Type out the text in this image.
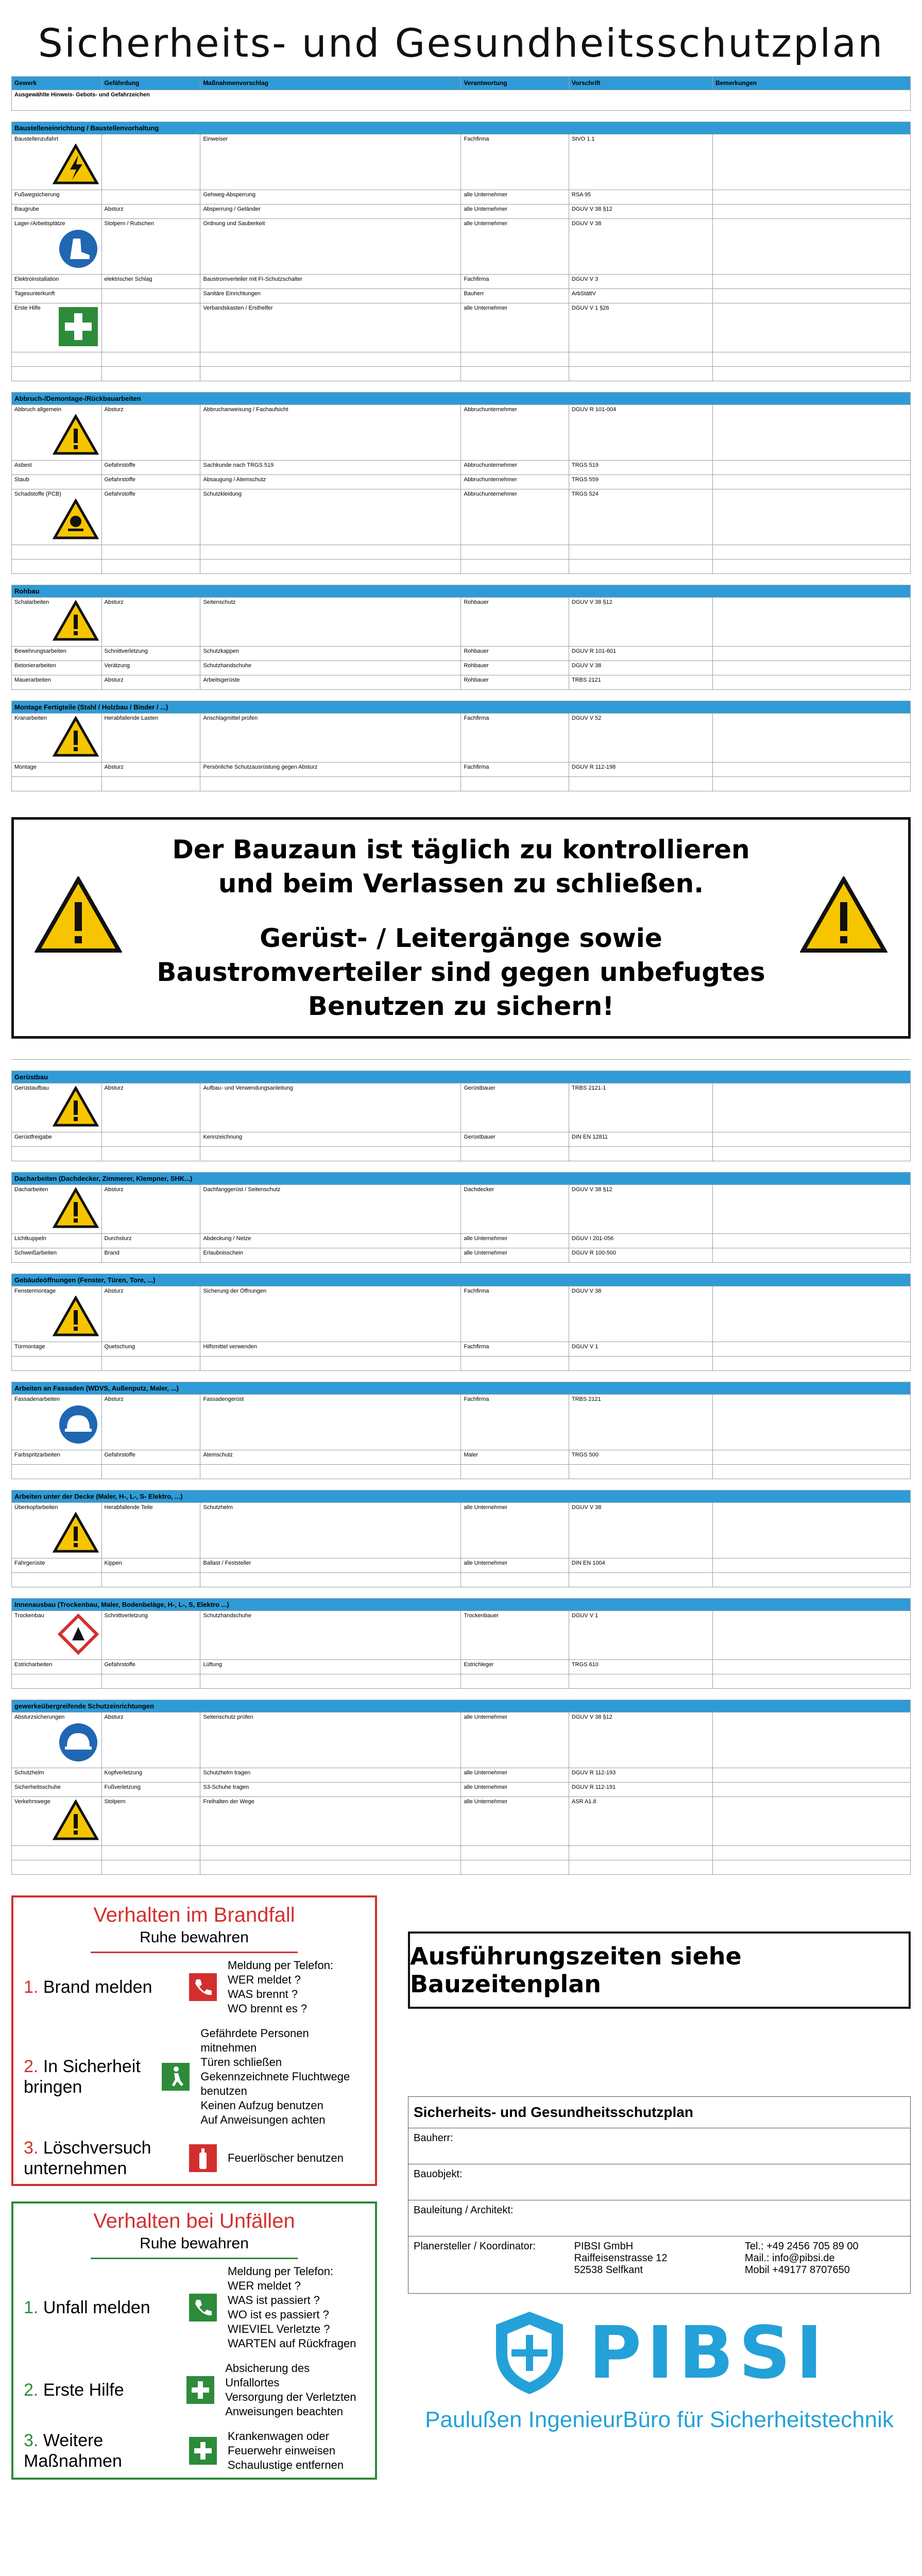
Sicherheits- und Gesundheitsschutzplan
Gewerk	Gefährdung	Maßnahmenvorschlag	Verantwortung	Vorschrift	Bemerkungen
Ausgewählte Hinweis- Gebots- und Gefahrzeichen					

Baustelleneinrichtung / Baustellenvorhaltung					
Baustellenzufahrt		Einweiser	Fachfirma	StVO 1.1	
Fußwegsicherung		Gehweg-Absperrung	alle Unternehmer	RSA 95	
Baugrube	Absturz	Absperrung / Geländer	alle Unternehmer	DGUV V 38 §12	
Lager-/Arbeitsplätze	Stolpern / Rutschen	Ordnung und Sauberkeit	alle Unternehmer	DGUV V 38	
Elektroinstallation	elektrischer Schlag	Baustromverteiler mit FI-Schutzschalter	Fachfirma	DGUV V 3	
Tagesunterkunft		Sanitäre Einrichtungen	Bauherr	ArbStättV	
Erste Hilfe		Verbandskasten / Ersthelfer	alle Unternehmer	DGUV V 1 §26	

Abbruch-/Demontage-/Rückbauarbeiten					
Abbruch allgemein	Absturz	Abbruchanweisung / Fachaufsicht	Abbruchunternehmer	DGUV R 101-004	
Asbest	Gefahrstoffe	Sachkunde nach TRGS 519	Abbruchunternehmer	TRGS 519	
Staub	Gefahrstoffe	Absaugung / Atemschutz	Abbruchunternehmer	TRGS 559	
Schadstoffe (PCB)	Gefahrstoffe	Schutzkleidung	Abbruchunternehmer	TRGS 524	

Rohbau					
Schalarbeiten	Absturz	Seitenschutz	Rohbauer	DGUV V 38 §12	
Bewehrungsarbeiten	Schnittverletzung	Schutzkappen	Rohbauer	DGUV R 101-601	
Betonierarbeiten	Verätzung	Schutzhandschuhe	Rohbauer	DGUV V 38	
Mauerarbeiten	Absturz	Arbeitsgerüste	Rohbauer	TRBS 2121	

Montage Fertigteile (Stahl / Holzbau / Binder / ...)					
Kranarbeiten	Herabfallende Lasten	Anschlagmittel prüfen	Fachfirma	DGUV V 52	
Montage	Absturz	Persönliche Schutzausrüstung gegen Absturz	Fachfirma	DGUV R 112-198	

Der Bauzaun ist täglich zu kontrollieren
und beim Verlassen zu schließen.
Gerüst- / Leitergänge sowie
Baustromverteiler sind gegen unbefugtes
Benutzen zu sichern!

Gerüstbau					
Gerüstaufbau	Absturz	Aufbau- und Verwendungsanleitung	Gerüstbauer	TRBS 2121-1	
Gerüstfreigabe		Kennzeichnung	Gerüstbauer	DIN EN 12811	

Dacharbeiten (Dachdecker, Zimmerer, Klempner, SHK...)					
Dacharbeiten	Absturz	Dachfanggerüst / Seitenschutz	Dachdecker	DGUV V 38 §12	
Lichtkuppeln	Durchsturz	Abdeckung / Netze	alle Unternehmer	DGUV I 201-056	
Schweißarbeiten	Brand	Erlaubnisschein	alle Unternehmer	DGUV R 100-500	

Gebäudeöffnungen (Fenster, Türen, Tore, ...)					
Fenstermontage	Absturz	Sicherung der Öffnungen	Fachfirma	DGUV V 38	
Türmontage	Quetschung	Hilfsmittel verwenden	Fachfirma	DGUV V 1	

Arbeiten an Fassaden (WDVS, Außenputz, Maler, ...)					
Fassadenarbeiten	Absturz	Fassadengerüst	Fachfirma	TRBS 2121	
Farbspritzarbeiten	Gefahrstoffe	Atemschutz	Maler	TRGS 500	

Arbeiten unter der Decke (Maler, H-, L-, S- Elektro, ...)					
Überkopfarbeiten	Herabfallende Teile	Schutzhelm	alle Unternehmer	DGUV V 38	
Fahrgerüste	Kippen	Ballast / Feststeller	alle Unternehmer	DIN EN 1004	

Innenausbau (Trockenbau, Maler, Bodenbeläge, H-, L-, S, Elektro ...)					
Trockenbau	Schnittverletzung	Schutzhandschuhe	Trockenbauer	DGUV V 1	
Estricharbeiten	Gefahrstoffe	Lüftung	Estrichleger	TRGS 610	

gewerkeübergreifende Schutzeinrichtungen					
Absturzsicherungen	Absturz	Seitenschutz prüfen	alle Unternehmer	DGUV V 38 §12	
Schutzhelm	Kopfverletzung	Schutzhelm tragen	alle Unternehmer	DGUV R 112-193	
Sicherheitsschuhe	Fußverletzung	S3-Schuhe tragen	alle Unternehmer	DGUV R 112-191	
Verkehrswege	Stolpern	Freihalten der Wege	alle Unternehmer	ASR A1.8	

Verhalten im Brandfall
Ruhe bewahren
1. Brand melden
Meldung per Telefon:
WER meldet ?
WAS brennt ?
WO brennt es ?
2. In Sicherheit bringen
Gefährdete Personen mitnehmen
Türen schließen
Gekennzeichnete Fluchtwege benutzen
Keinen Aufzug benutzen
Auf Anweisungen achten
3. Löschversuch unternehmen
Feuerlöscher benutzen
Verhalten bei Unfällen
Ruhe bewahren
1. Unfall melden
Meldung per Telefon:
WER meldet ?
WAS ist passiert ?
WO ist es passiert ?
WIEVIEL Verletzte ?
WARTEN auf Rückfragen
2. Erste Hilfe
Absicherung des Unfallortes
Versorgung der Verletzten
Anweisungen beachten
3. Weitere Maßnahmen
Krankenwagen oder
Feuerwehr einweisen
Schaulustige entfernen
Ausführungszeiten siehe Bauzeitenplan
Sicherheits- und Gesundheitsschutzplan
Bauherr:
Bauobjekt:
Bauleitung / Architekt:
Planersteller / Koordinator:	PIBSI GmbH
Raiffeisenstrasse 12
52538 Selfkant
Tel.: +49 2456 705 89 00
Mail.: info@pibsi.de
Mobil +49177 8707650
PIBSI
Paulußen IngenieurBüro für Sicherheitstechnik
